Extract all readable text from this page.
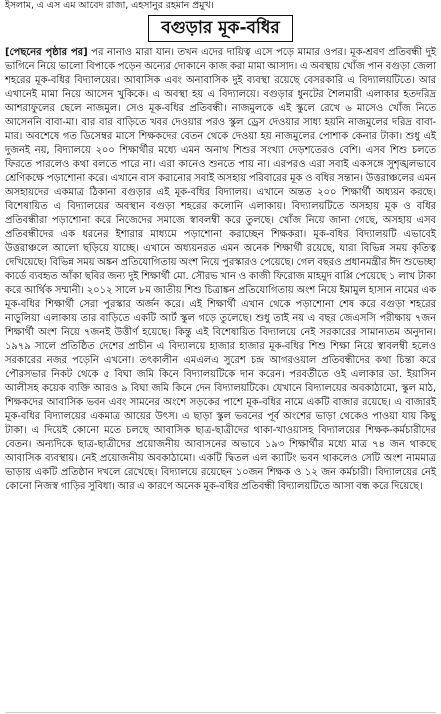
ইসলাম, এ এস এম আবেদ রাজা, এহসানুর রহমান প্রমুখ।
বগুড়ার মূক-বধির
[পেছনের পৃষ্ঠার পর] পর নানাও মারা যান। তখন এদের দায়িত্ব এসে পড়ে মামার ওপর। মূক-শ্রবণ প্রতিবন্ধী দুই ভাগিনে নিয়ে ভালো বিপাকে পড়েন অন্যের দোকানে কাজ করা মামা আসাদ। এ অবস্থায় খোঁজ পান বগুড়া জেলা শহরের মূক-বধির বিদ্যালয়ের। আবাসিক এবং অনাবাসিক দুই ব্যবস্থা রয়েছে বেসরকারি এ বিদ্যালয়টিতে। আর এখানেই মামা নিয়ে আসেন খুকিকে। এ অবস্থা হয় এ বিদ্যালয়ে। বগুড়ার ধুনটের শৈলমারী এলাকার হতদরিদ্র আশরাফুলের ছেলে নাজমুল। সেও মূক-বধির প্রতিবন্ধী। নাজমুলকে এই স্কুলে রেখে ৬ মাসেও খোঁজ নিতে আসেননি বাবা-মা। বার বার বাড়িতে খবর দেওয়ার পরও স্কুল ড্রেস দেওয়ার সাধ্য হয়নি নাজমুলের দরিদ্র বাবা-মার। অবশেষে গত ডিসেম্বর মাসে শিক্ষকদের বেতন থেকে দেওয়া হয় নাজমুলের পোশাক কেনার টাকা। শুধু এই দুজনই নয়, বিদ্যালয়ে ২০০ শিক্ষার্থীর মধ্যে এমন অনাথ শিশুর সংখ্যা দেড়শতেরও বেশি। এসব শিশু চলতে ফিরতে পারলেও কথা বলতে পারে না। এরা কানেও শুনতে পায় না। এরপরও এরা সবাই একসঙ্গে সুশৃঙ্খলভাবে শ্রেণিকক্ষে পড়াশোনা করে। এখানে বাস করানোর সবাই অসহায় পরিবারের মূক ও বধির সন্তান। উত্তরাঞ্চলের এমন অসহায়দের একমাত্র ঠিকানা বগুড়ার এই মূক-বধির বিদ্যালয়। এখানে অন্তত ২০০ শিক্ষার্থী অধ্যয়ন করছে। বিশেষায়িত এ বিদ্যালয়ের অবস্থান বগুড়া শহরের কলোনি এলাকায়। বিদ্যালয়টিতে অসহায় মূক ও বধির প্রতিবন্ধীরা পড়াশোনা করে নিজেদের সমাজে স্বাবলম্বী করে তুলছে। খোঁজ নিয়ে জানা গেছে, অসহায় এসব প্রতিবন্ধীদের এক ধরনের ইশারার মাধ্যমে পড়াশোনা করাচ্ছেন শিক্ষকরা। মূক-বধির বিদ্যালয়টি এভাবেই উত্তরাঞ্চলে আলো ছড়িয়ে যাচ্ছে। এখানে অধ্যয়নরত এমন অনেক শিক্ষার্থী রয়েছে, যারা বিভিন্ন সময় কৃতিত্ব দেখিয়েছে। বিভিন্ন সময় অঙ্কন প্রতিযোগিতায় অংশ নিয়ে পুরস্কারও পেয়েছে। গেল বছরও প্রধানমন্ত্রীর ঈদ শুভেচ্ছা কার্ডে ব্যবহৃত আঁকা ছবির জন্য দুই শিক্ষার্থী মো. সৌরভ খান ও কাজী ফিরোজ মাহমুদ বাপ্পি পেয়েছে ১ লাখ টাকা করে আর্থিক সম্মানী। ২০১২ সালে ৮ম জাতীয় শিশু চিত্রাঙ্কন প্রতিযোগিতায় অংশ নিয়ে ইমামুল হাসান নামের এক মূক-বধির শিক্ষার্থী সেরা পুরস্কার অর্জন করে। এই শিক্ষার্থী এখান থেকে পড়াশোনা শেষ করে বগুড়া শহরের নাড়ুলিয়া এলাকায় তার বাড়িতে একটি আর্ট স্কুল গড়ে তুলেছে। শুধু তাই নয় এ বছর জেএসসি পরীক্ষায় ৭জন শিক্ষার্থী অংশ নিয়ে ৭জনই উত্তীর্ণ হয়েছে। কিন্তু এই বিশেষায়িত বিদ্যালয়ে নেই সরকারের সামান্যতম অনুদান। ১৯৭৯ সালে প্রতিষ্ঠিত দেশের প্রাচীন এ বিদ্যালয়ে হাজার হাজার মূক-বধির শিশু শিক্ষা নিয়ে স্বাবলম্বী হলেও সরকারের নজর পড়েনি এখনো। তৎকালীন এমএলএ সুরেশ চন্দ্র আগরওয়াল প্রতিবন্ধীদের কথা চিন্তা করে পৌরসভার নিকট থেকে ৫ বিঘা জমি কিনে বিদ্যালয়টিকে দান করেন। পরবর্তীতে ওই এলাকার ডা. ইয়াসিন আলীসহ কয়েক ব্যক্তি আরও ৯ বিঘা জমি কিনে দেন বিদ্যালয়টিকে। যেখানে বিদ্যালয়ের অবকাঠামো, স্কুল মাঠ, শিক্ষকদের আবাসিক ভবন এবং সামনের অংশে সড়কের পাশে মূক-বধির নামে একটি বাজার রয়েছে। এ বাজারই মূক-বধির বিদ্যালয়ের একমাত্র আয়ের উৎস। এ ছাড়া স্কুল ভবনের পূর্ব অংশের ভাড়া থেকেও পাওয়া যায় কিছু টাকা। এ দিয়েই কোনো মতে চলছে আবাসিক ছাত্র-ছাত্রীদের থাকা-খাওয়াসহ বিদ্যালয়ের শিক্ষক-কর্মচারীদের বেতন। অন্যদিকে ছাত্র-ছাত্রীদের প্রয়োজনীয় আবাসনের অভাবে ১৯৩ শিক্ষার্থীর মধ্যে মাত্র ৭৪ জন থাকছে আবাসিক ব্যবস্থায়। নেই প্রয়োজনীয় অবকাঠামো। একটি দ্বিতল এল ক্যাটিং ভবন থাকলেও সেটি অংশ নামমাত্র ভাড়ায় একটি প্রতিষ্ঠান দখলে রেখেছে। বিদ্যালয়ে রয়েছেন ১০জন শিক্ষক ও ১২ জন কর্মচারী। বিদ্যালয়ের নেই কোনো নিজস্ব গাড়ির সুবিধা। আর এ কারণে অনেক মূক-বধির প্রতিবন্ধী বিদ্যালয়টিতে আসা বন্ধ করে দিয়েছে।
